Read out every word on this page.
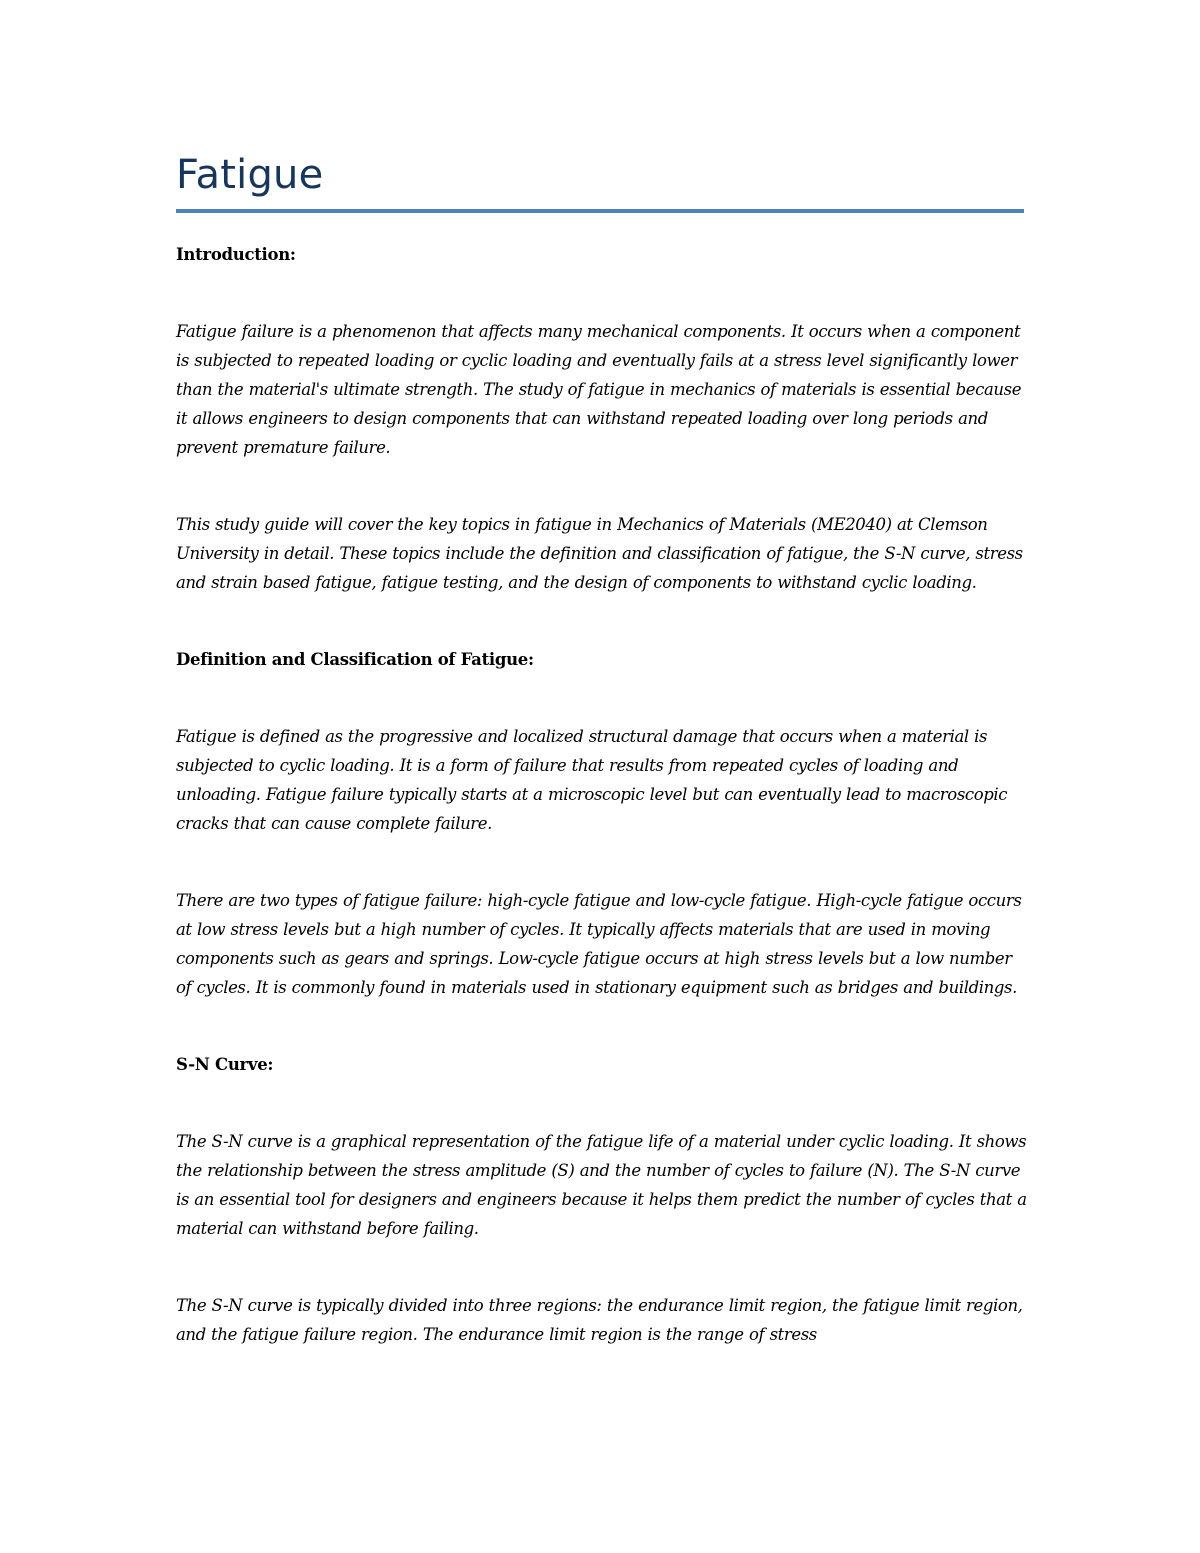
Fatigue
Introduction:

Fatigue failure is a phenomenon that affects many mechanical components. It occurs when a component is subjected to repeated loading or cyclic loading and eventually fails at a stress level significantly lower than the material's ultimate strength. The study of fatigue in mechanics of materials is essential because it allows engineers to design components that can withstand repeated loading over long periods and prevent premature failure.

This study guide will cover the key topics in fatigue in Mechanics of Materials (ME2040) at Clemson University in detail. These topics include the definition and classification of fatigue, the S-N curve, stress and strain based fatigue, fatigue testing, and the design of components to withstand cyclic loading.

Definition and Classification of Fatigue:

Fatigue is defined as the progressive and localized structural damage that occurs when a material is subjected to cyclic loading. It is a form of failure that results from repeated cycles of loading and unloading. Fatigue failure typically starts at a microscopic level but can eventually lead to macroscopic cracks that can cause complete failure.

There are two types of fatigue failure: high-cycle fatigue and low-cycle fatigue. High-cycle fatigue occurs at low stress levels but a high number of cycles. It typically affects materials that are used in moving components such as gears and springs. Low-cycle fatigue occurs at high stress levels but a low number of cycles. It is commonly found in materials used in stationary equipment such as bridges and buildings.

S-N Curve:

The S-N curve is a graphical representation of the fatigue life of a material under cyclic loading. It shows the relationship between the stress amplitude (S) and the number of cycles to failure (N). The S-N curve is an essential tool for designers and engineers because it helps them predict the number of cycles that a material can withstand before failing.

The S-N curve is typically divided into three regions: the endurance limit region, the fatigue limit region, and the fatigue failure region. The endurance limit region is the range of stress
